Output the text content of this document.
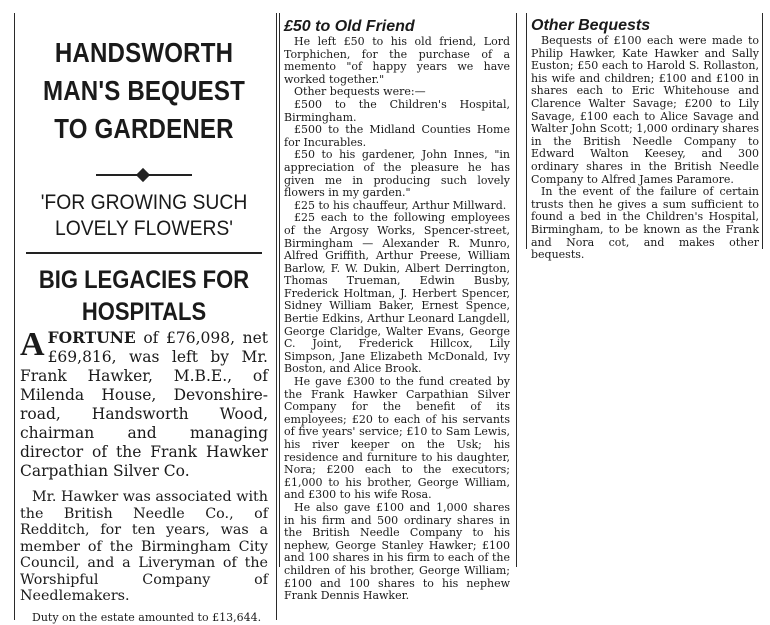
HANDSWORTH MAN'S BEQUEST TO GARDENER
'FOR GROWING SUCH LOVELY FLOWERS'
BIG LEGACIES FOR HOSPITALS

AFORTUNE of £76,098, net £69,816, was left by Mr. Frank Hawker, M.B.E., of Milenda House, Devonshire-road, Handsworth Wood, chairman and managing director of the Frank Hawker Carpathian Silver Co.

Mr. Hawker was associated with the British Needle Co., of Redditch, for ten years, was a member of the Birmingham City Council, and a Liveryman of the Worshipful Company of Needlemakers.

Duty on the estate amounted to £13,644.

£50 to Old Friend

He left £50 to his old friend, Lord Torphichen, for the purchase of a memento "of happy years we have worked together."

Other bequests were:—

£500 to the Children's Hospital, Birmingham.

£500 to the Midland Counties Home for Incurables.

£50 to his gardener, John Innes, "in appreciation of the pleasure he has given me in producing such lovely flowers in my garden."

£25 to his chauffeur, Arthur Millward.

£25 each to the following employees of the Argosy Works, Spencer-street, Birmingham — Alexander R. Munro, Alfred Griffith, Arthur Preese, William Barlow, F. W. Dukin, Albert Derrington, Thomas Trueman, Edwin Busby, Frederick Holtman, J. Herbert Spencer, Sidney William Baker, Ernest Spence, Bertie Edkins, Arthur Leonard Langdell, George Claridge, Walter Evans, George C. Joint, Frederick Hillcox, Lily Simpson, Jane Elizabeth McDonald, Ivy Boston, and Alice Brook.

He gave £300 to the fund created by the Frank Hawker Carpathian Silver Company for the benefit of its employees; £20 to each of his servants of five years' service; £10 to Sam Lewis, his river keeper on the Usk; his residence and furniture to his daughter, Nora; £200 each to the executors; £1,000 to his brother, George William, and £300 to his wife Rosa.

He also gave £100 and 1,000 shares in his firm and 500 ordinary shares in the British Needle Company to his nephew, George Stanley Hawker; £100 and 100 shares in his firm to each of the children of his brother, George William; £100 and 100 shares to his nephew Frank Dennis Hawker.

Other Bequests

Bequests of £100 each were made to Philip Hawker, Kate Hawker and Sally Euston; £50 each to Harold S. Rollaston, his wife and children; £100 and £100 in shares each to Eric Whitehouse and Clarence Walter Savage; £200 to Lily Savage, £100 each to Alice Savage and Walter John Scott; 1,000 ordinary shares in the British Needle Company to Edward Walton Keesey, and 300 ordinary shares in the British Needle Company to Alfred James Paramore.

In the event of the failure of certain trusts then he gives a sum sufficient to found a bed in the Children's Hospital, Birmingham, to be known as the Frank and Nora cot, and makes other bequests.
